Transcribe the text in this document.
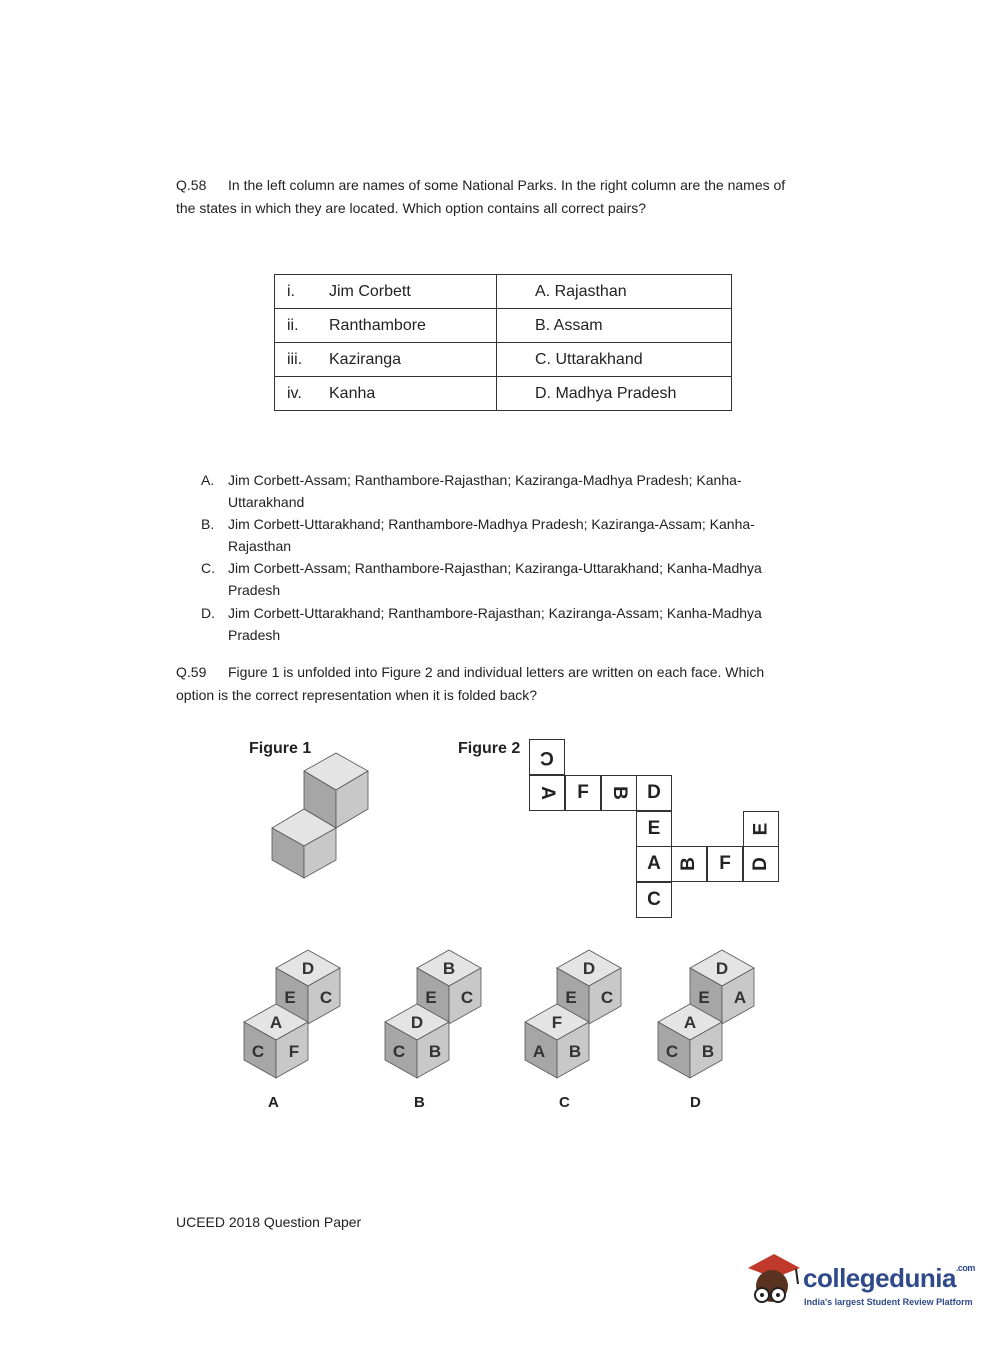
Q.58 In the left column are names of some National Parks. In the right column are the names of
the states in which they are located. Which option contains all correct pairs?
i. Jim Corbett	A. Rajasthan
ii. Ranthambore	B. Assam
iii. Kaziranga	C. Uttarakhand
iv. Kanha	D. Madhya Pradesh
A. Jim Corbett-Assam; Ranthambore-Rajasthan; Kaziranga-Madhya Pradesh; Kanha-
Uttarakhand
B. Jim Corbett-Uttarakhand; Ranthambore-Madhya Pradesh; Kaziranga-Assam; Kanha-
Rajasthan
C. Jim Corbett-Assam; Ranthambore-Rajasthan; Kaziranga-Uttarakhand; Kanha-Madhya
Pradesh
D. Jim Corbett-Uttarakhand; Ranthambore-Rajasthan; Kaziranga-Assam; Kanha-Madhya
Pradesh
Q.59 Figure 1 is unfolded into Figure 2 and individual letters are written on each face. Which
option is the correct representation when it is folded back?
Figure 1	Figure 2 C
A F B D
E
A
C
B F D
E
D
E C
A
C F
B
E C
D
C B
D
E C
F
A B
D
E A
A
C B
A	B	C	D
UCEED 2018 Question Paper
collegedunia$^{.com}$
India's largest Student Review Platform
